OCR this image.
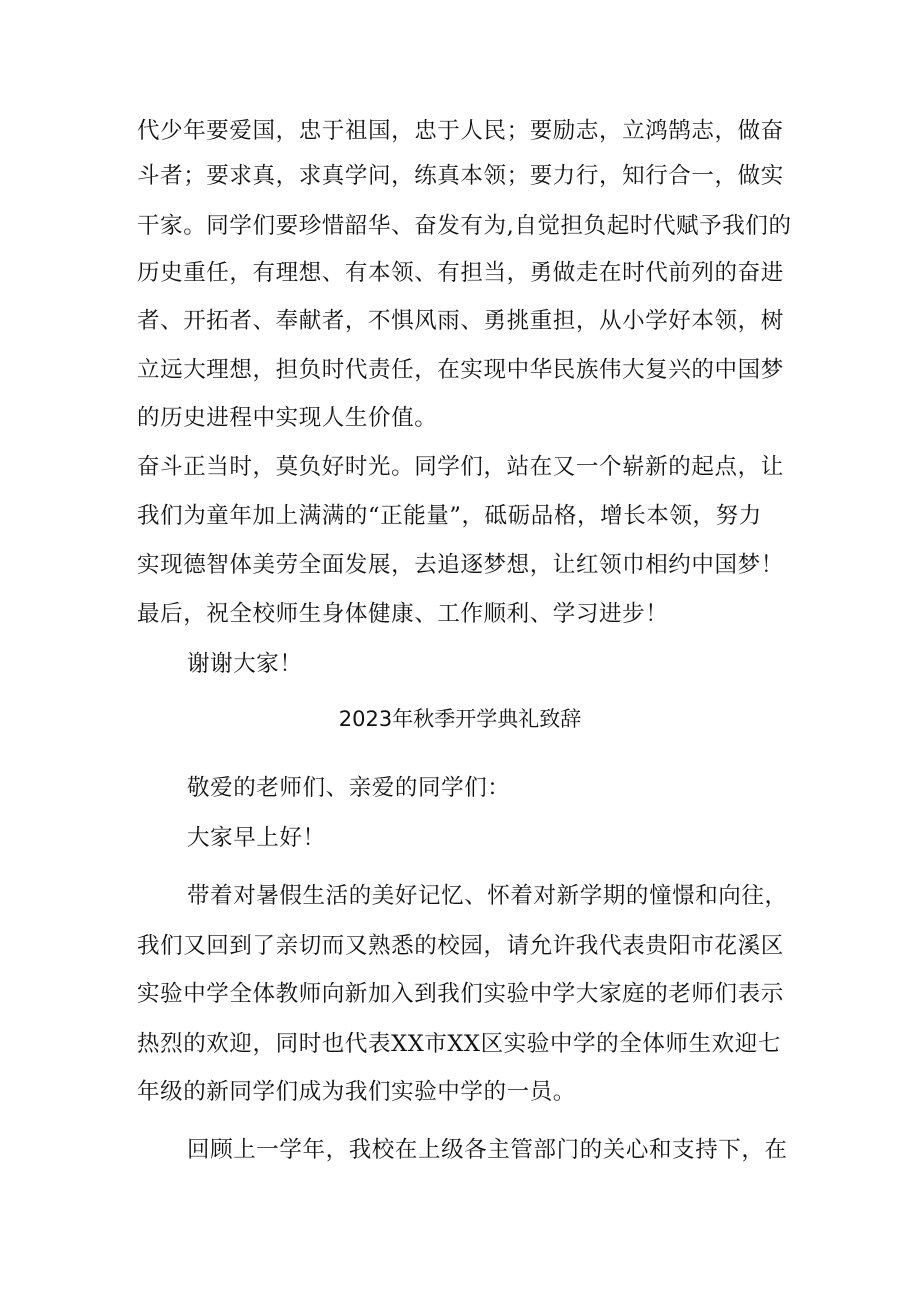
代少年要爱国，忠于祖国，忠于人民；要励志，立鸿鹄志，做奋
斗者；要求真，求真学问，练真本领；要力行，知行合一，做实
干家。同学们要珍惜韶华、奋发有为,自觉担负起时代赋予我们的
历史重任，有理想、有本领、有担当，勇做走在时代前列的奋进
者、开拓者、奉献者，不惧风雨、勇挑重担，从小学好本领，树
立远大理想，担负时代责任，在实现中华民族伟大复兴的中国梦
的历史进程中实现人生价值。
奋斗正当时，莫负好时光。同学们，站在又一个崭新的起点，让
我们为童年加上满满的“正能量”，砥砺品格，增长本领，努力
实现德智体美劳全面发展，去追逐梦想，让红领巾相约中国梦！
最后，祝全校师生身体健康、工作顺利、学习进步！
谢谢大家！
2023年秋季开学典礼致辞
敬爱的老师们、亲爱的同学们：
大家早上好！
带着对暑假生活的美好记忆、怀着对新学期的憧憬和向往，
我们又回到了亲切而又熟悉的校园，请允许我代表贵阳市花溪区
实验中学全体教师向新加入到我们实验中学大家庭的老师们表示
热烈的欢迎，同时也代表XX市XX区实验中学的全体师生欢迎七
年级的新同学们成为我们实验中学的一员。
回顾上一学年，我校在上级各主管部门的关心和支持下，在
